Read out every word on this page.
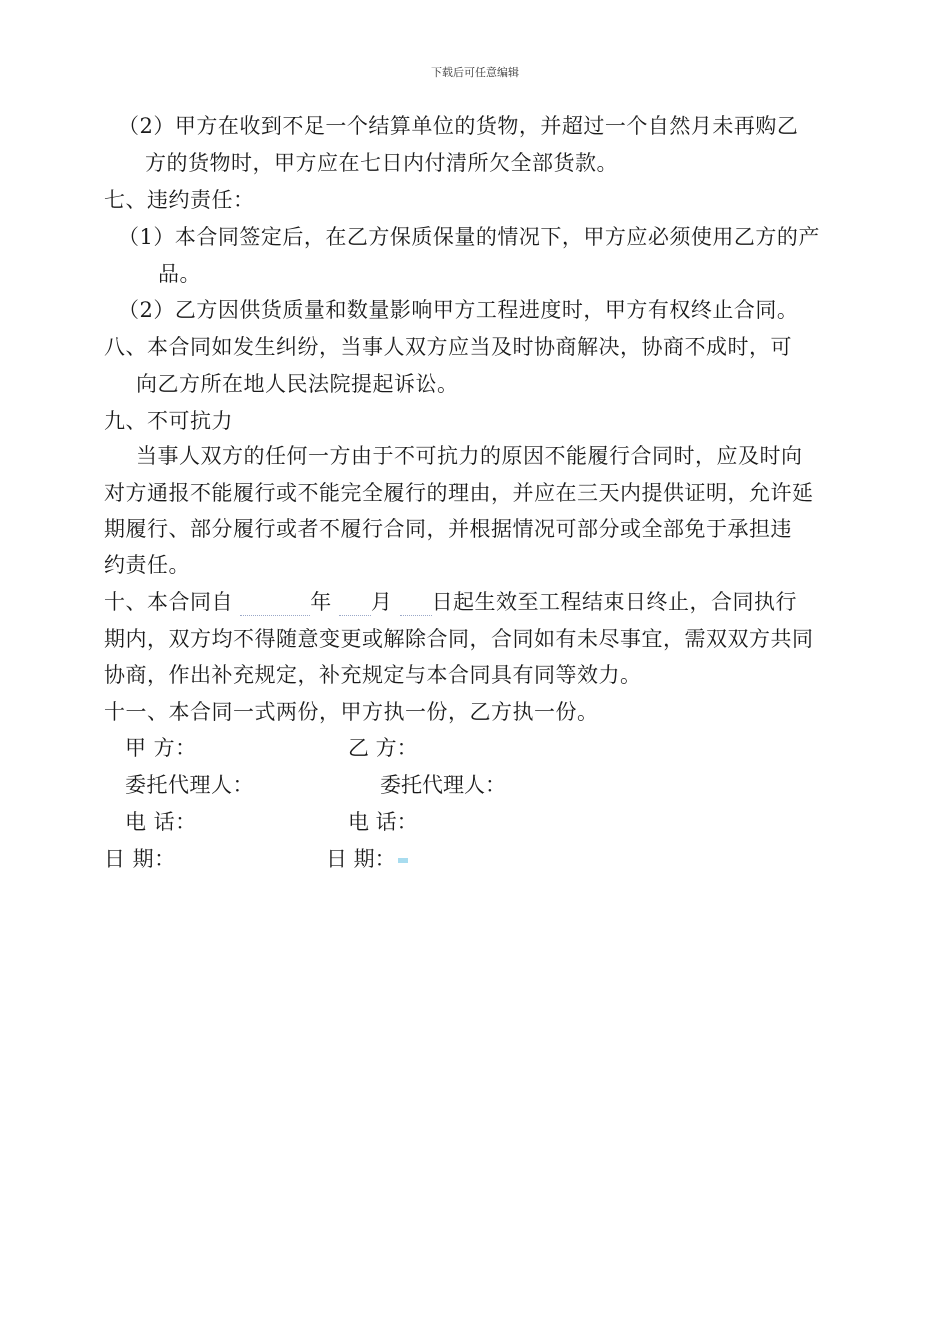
下载后可任意编辑
（2）甲方在收到不足一个结算单位的货物，并超过一个自然月未再购乙
方的货物时，甲方应在七日内付清所欠全部货款。
七、违约责任：
（1）本合同签定后，在乙方保质保量的情况下，甲方应必须使用乙方的产
品。
（2）乙方因供货质量和数量影响甲方工程进度时，甲方有权终止合同。
八、本合同如发生纠纷，当事人双方应当及时协商解决，协商不成时，可
向乙方所在地人民法院提起诉讼。
九、不可抗力
当事人双方的任何一方由于不可抗力的原因不能履行合同时，应及时向
对方通报不能履行或不能完全履行的理由，并应在三天内提供证明，允许延
期履行、部分履行或者不履行合同，并根据情况可部分或全部免于承担违
约责任。
十、本合同自	年 月 日起生效至工程结束日终止，合同执行
期内，双方均不得随意变更或解除合同，合同如有未尽事宜，需双双方共同
协商，作出补充规定，补充规定与本合同具有同等效力。
十一、本合同一式两份，甲方执一份，乙方执一份。
甲 方：	乙 方：
委托代理人：	委托代理人：
电 话：	电 话：
日 期：	日 期：
